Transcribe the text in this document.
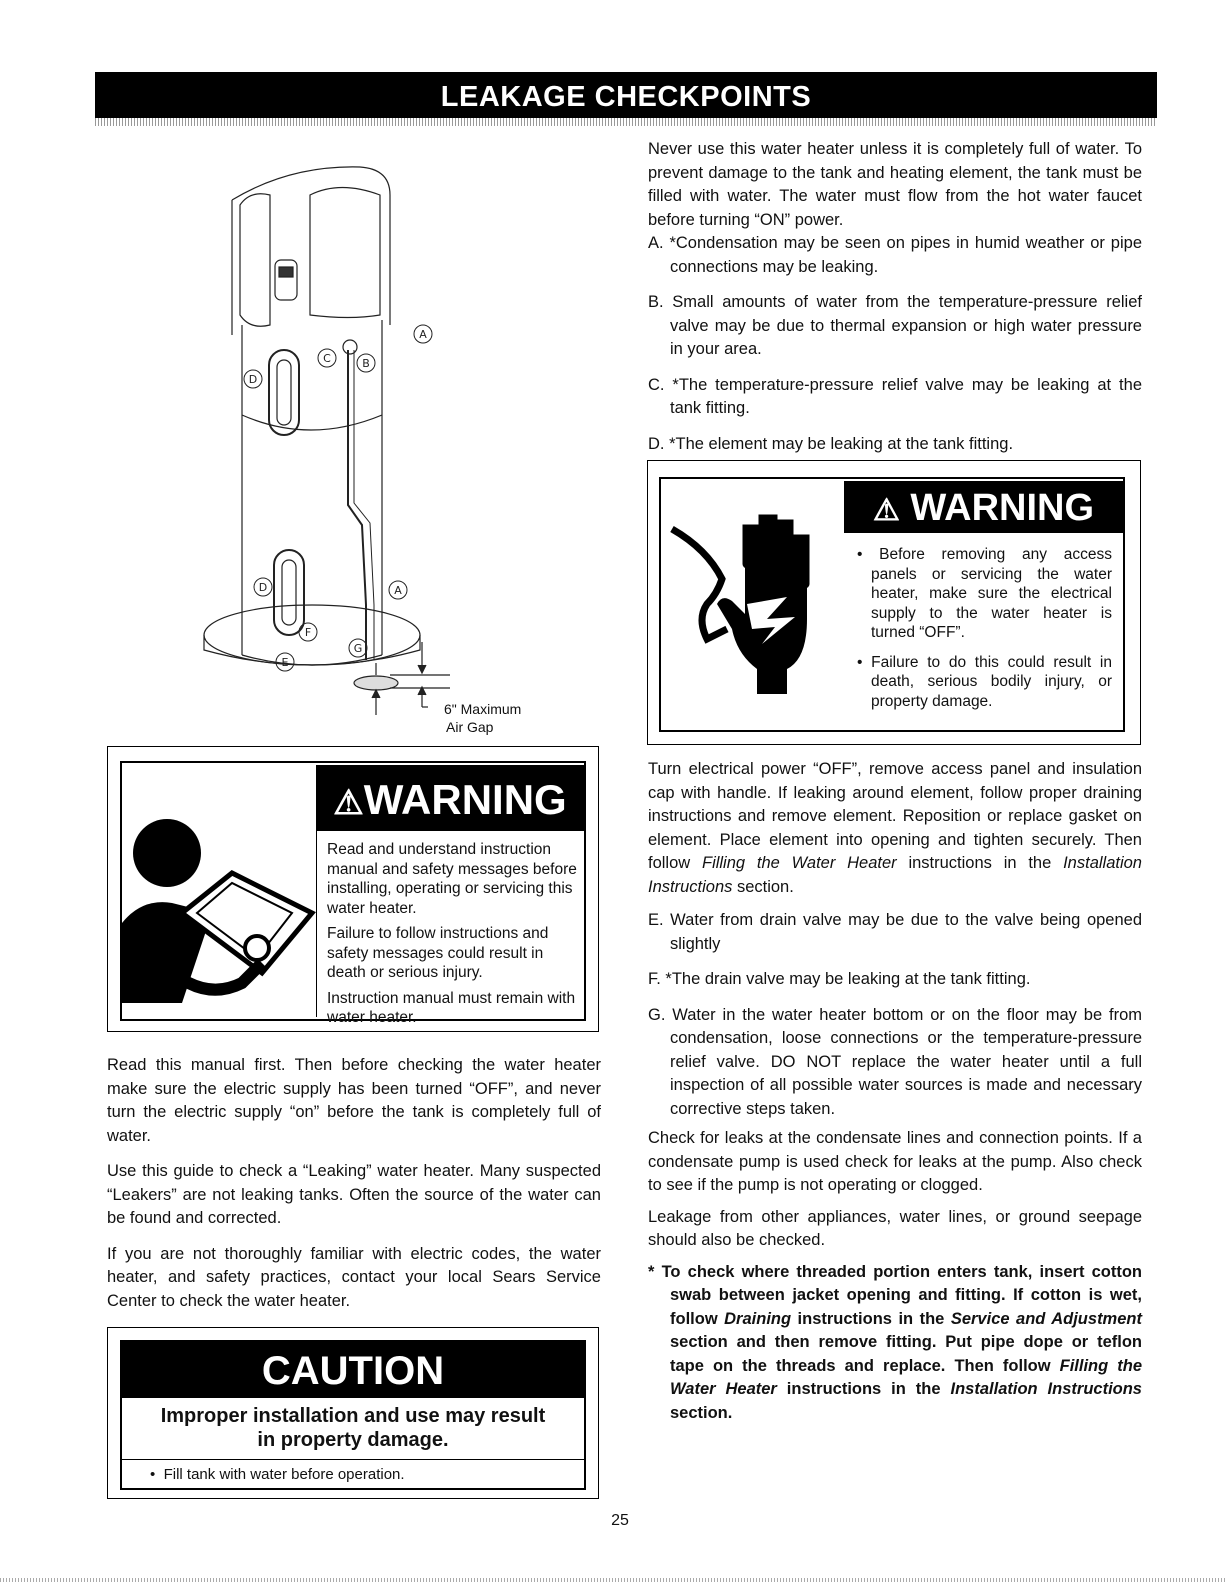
LEAKAGE CHECKPOINTS
A
B
C
D
D	A
F
E
G
6" Maximum
Air Gap

Never use this water heater unless it is completely full of water. To prevent damage to the tank and heating element, the tank must be filled with water. The water must flow from the hot water faucet before turning “ON” power.

A. *Condensation may be seen on pipes in humid weather or pipe connections may be leaking.

B. Small amounts of water from the temperature-pressure relief valve may be due to thermal expansion or high water pressure in your area.

C. *The temperature-pressure relief valve may be leaking at the tank fitting.

D. *The element may be leaking at the tank fitting.

⚠ WARNING

• Before removing any access panels or servicing the water heater, make sure the electrical supply to the water heater is turned “OFF”.

• Failure to do this could result in death, serious bodily injury, or property damage.

Turn electrical power “OFF”, remove access panel and insulation cap with handle. If leaking around element, follow proper draining instructions and remove element. Reposition or replace gasket on element. Place element into opening and tighten securely. Then follow Filling the Water Heater instructions in the Installation Instructions section.

E. Water from drain valve may be due to the valve being opened slightly

F. *The drain valve may be leaking at the tank fitting.

G. Water in the water heater bottom or on the floor may be from condensation, loose connections or the temperature-pressure relief valve. DO NOT replace the water heater until a full inspection of all possible water sources is made and necessary corrective steps taken.

Check for leaks at the condensate lines and connection points. If a condensate pump is used check for leaks at the pump. Also check to see if the pump is not operating or clogged.

Leakage from other appliances, water lines, or ground seepage should also be checked.

* To check where threaded portion enters tank, insert cotton swab between jacket opening and fitting. If cotton is wet, follow Draining instructions in the Service and Adjustment section and then remove fitting. Put pipe dope or teflon tape on the threads and replace. Then follow Filling the Water Heater instructions in the Installation Instructions section.

⚠WARNING

Read and understand instruction manual and safety messages before installing, operating or servicing this water heater.

Failure to follow instructions and safety messages could result in death or serious injury.

Instruction manual must remain with water heater.

Read this manual first. Then before checking the water heater make sure the electric supply has been turned “OFF”, and never turn the electric supply “on” before the tank is completely full of water.

Use this guide to check a “Leaking” water heater. Many suspected “Leakers” are not leaking tanks. Often the source of the water can be found and corrected.

If you are not thoroughly familiar with electric codes, the water heater, and safety practices, contact your local Sears Service Center to check the water heater.

CAUTION
Improper installation and use may result
in property damage.
•  Fill tank with water before operation.
25
